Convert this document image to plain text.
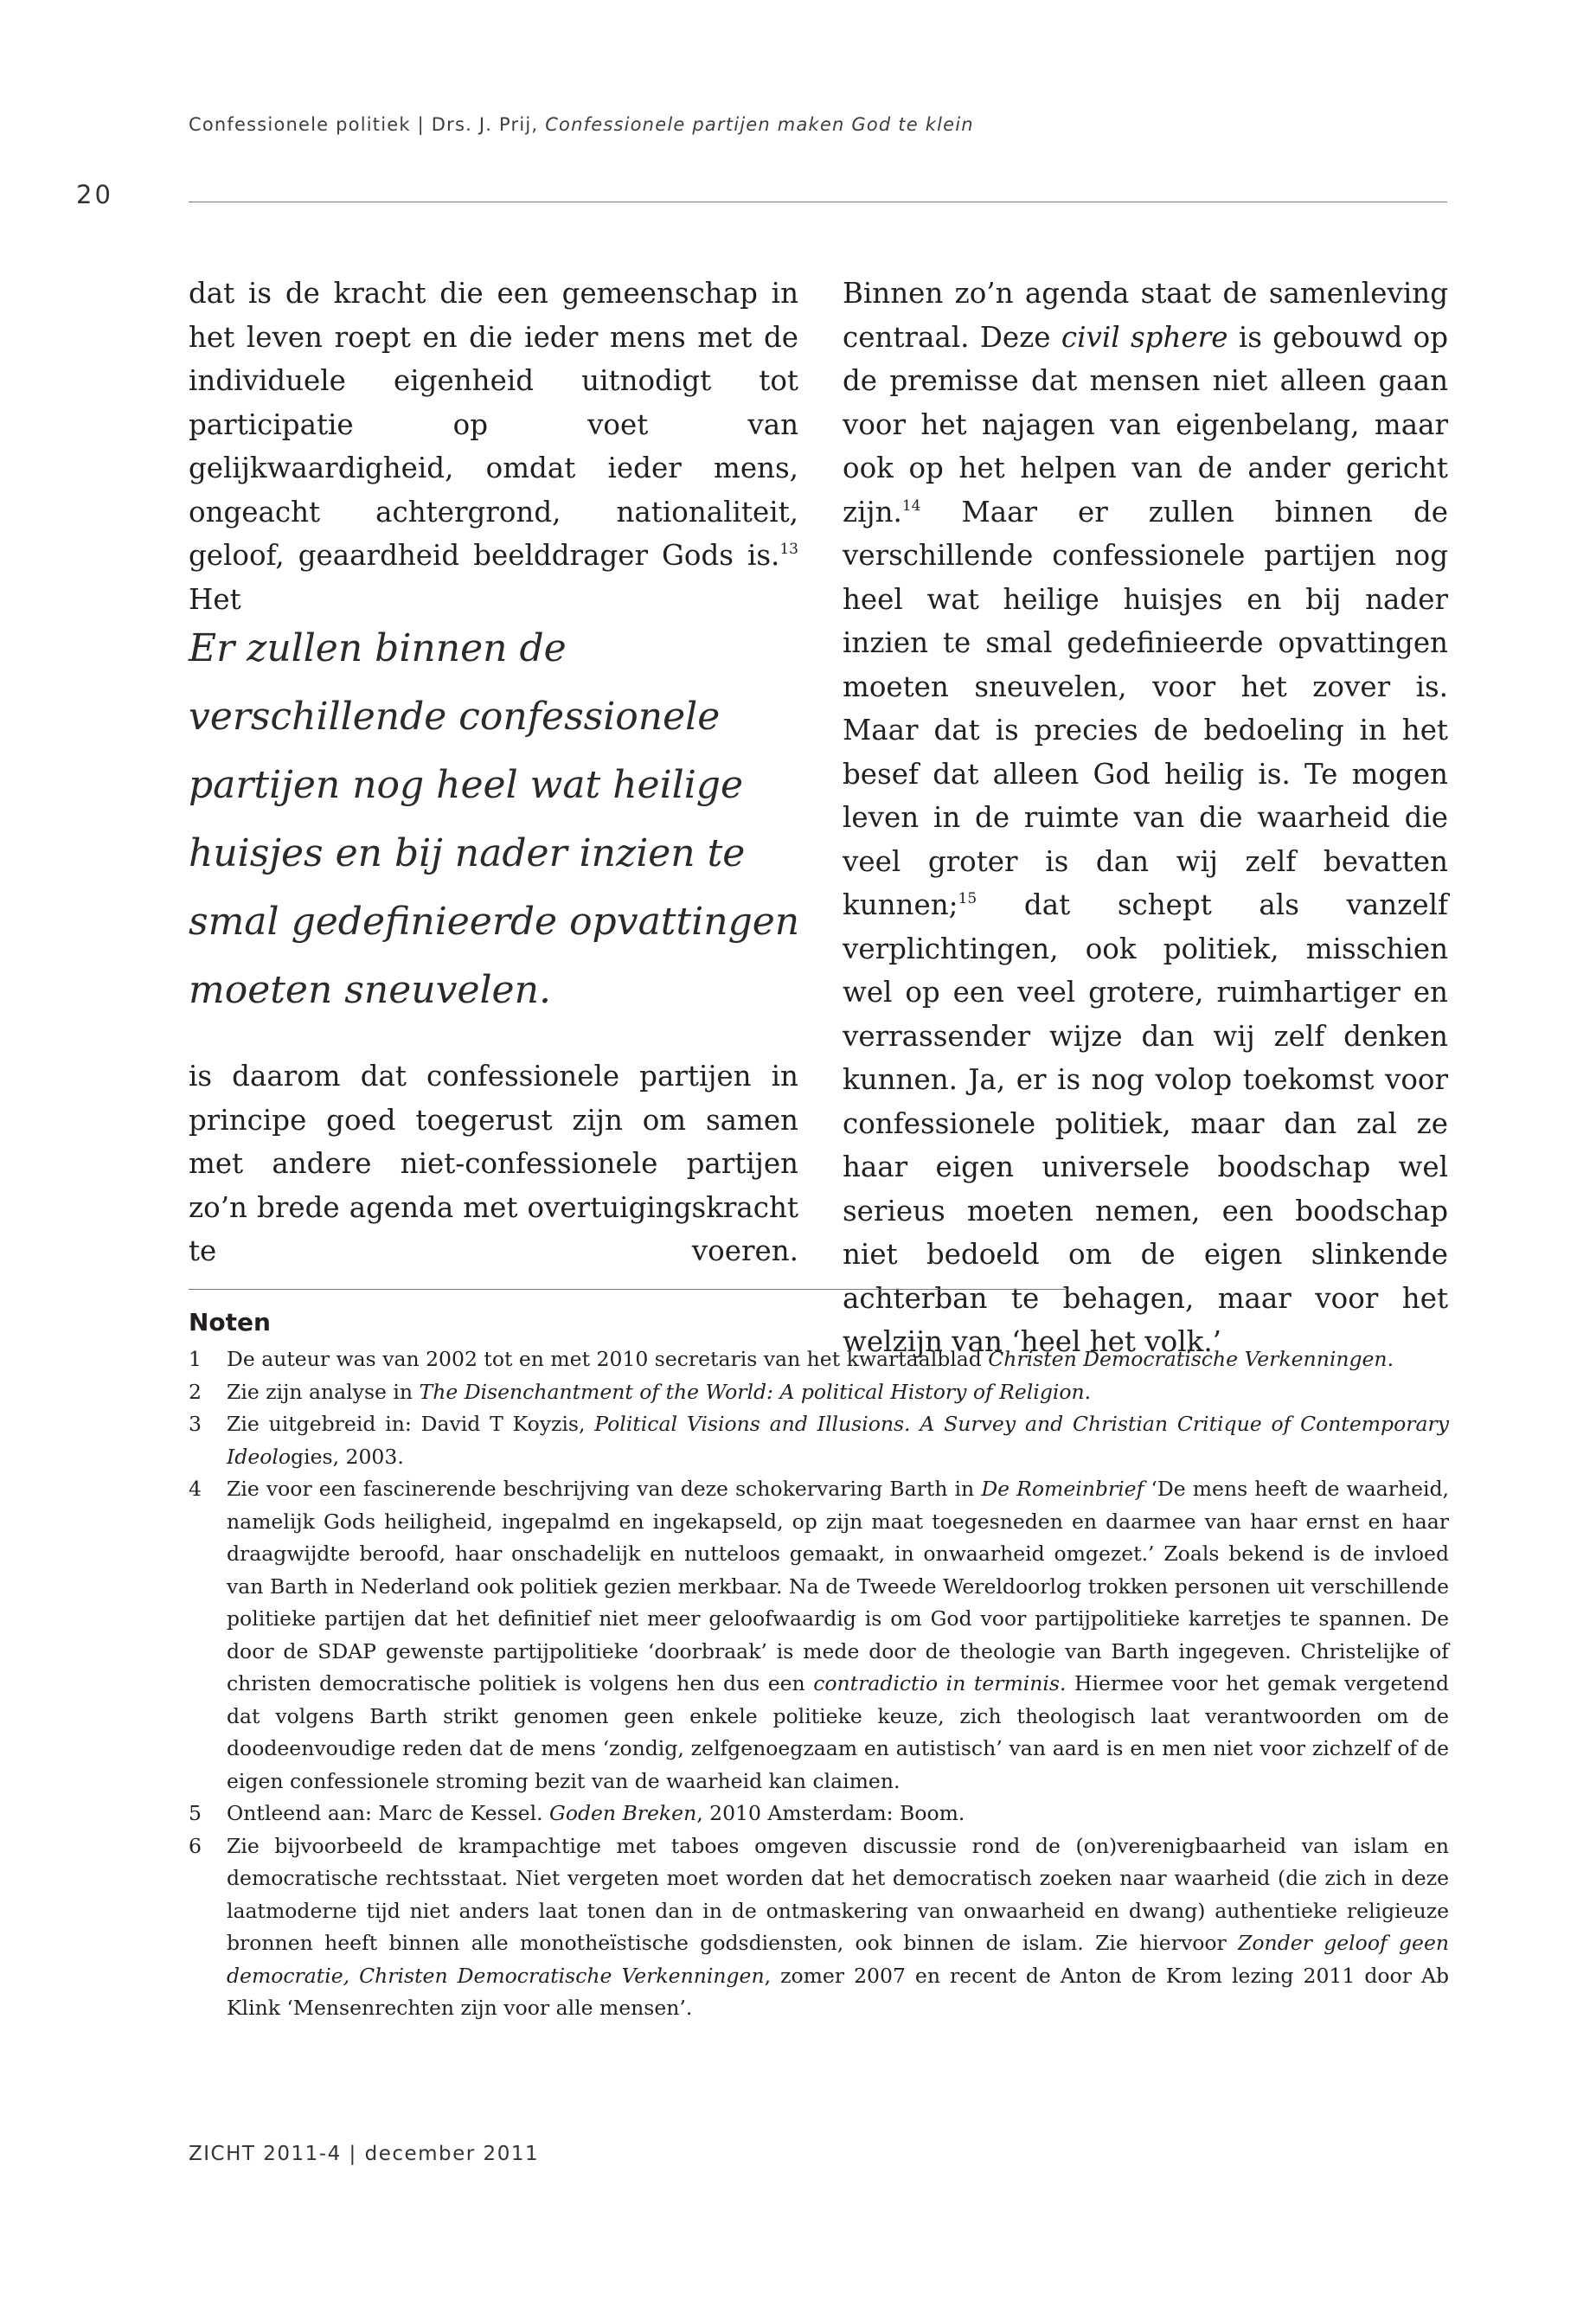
Confessionele politiek | Drs. J. Prij, Confessionele partijen maken God te klein

20

dat is de kracht die een gemeenschap in het leven roept en die ieder mens met de individuele eigenheid uitnodigt tot participatie op voet van gelijkwaardigheid, omdat ieder mens, ongeacht achtergrond, nationaliteit, geloof, geaardheid beelddrager Gods is.$^{13}$ Het

Er zullen binnen de verschillende confessionele partijen nog heel wat heilige huisjes en bij nader inzien te smal gedefinieerde opvattingen moeten sneuvelen.

is daarom dat confessionele partijen in principe goed toegerust zijn om samen met andere niet-confessionele partijen zo’n brede agenda met overtuigingskracht te voeren.

Binnen zo’n agenda staat de samenleving centraal. Deze civil sphere is gebouwd op de premisse dat mensen niet alleen gaan voor het najagen van eigenbelang, maar ook op het helpen van de ander gericht zijn.$^{14}$ Maar er zullen binnen de verschillende confessionele partijen nog heel wat heilige huisjes en bij nader inzien te smal gedefinieerde opvattingen moeten sneuvelen, voor het zover is. Maar dat is precies de bedoeling in het besef dat alleen God heilig is. Te mogen leven in de ruimte van die waarheid die veel groter is dan wij zelf bevatten kunnen;$^{15}$ dat schept als vanzelf verplichtingen, ook politiek, misschien wel op een veel grotere, ruimhartiger en verrassender wijze dan wij zelf denken kunnen. Ja, er is nog volop toekomst voor confessionele politiek, maar dan zal ze haar eigen universele boodschap wel serieus moeten nemen, een boodschap niet bedoeld om de eigen slinkende achterban te behagen, maar voor het welzijn van ‘heel het volk.’

Noten
1 De auteur was van 2002 tot en met 2010 secretaris van het kwartaalblad Christen Democratische Verkenningen.
2 Zie zijn analyse in The Disenchantment of the World: A political History of Religion.
3 Zie uitgebreid in: David T Koyzis, Political Visions and Illusions. A Survey and Christian Critique of Contemporary Ideologies, 2003.
4 Zie voor een fascinerende beschrijving van deze schokervaring Barth in De Romeinbrief ‘De mens heeft de waarheid, namelijk Gods heiligheid, ingepalmd en ingekapseld, op zijn maat toegesneden en daarmee van haar ernst en haar draagwijdte beroofd, haar onschadelijk en nutteloos gemaakt, in onwaarheid omgezet.’ Zoals bekend is de invloed van Barth in Nederland ook politiek gezien merkbaar. Na de Tweede Wereldoorlog trokken personen uit verschillende politieke partijen dat het definitief niet meer geloofwaardig is om God voor partijpolitieke karretjes te spannen. De door de SDAP gewenste partijpolitieke ‘doorbraak’ is mede door de theologie van Barth ingegeven. Christelijke of christen democratische politiek is volgens hen dus een contradictio in terminis. Hiermee voor het gemak vergetend dat volgens Barth strikt genomen geen enkele politieke keuze, zich theologisch laat verantwoorden om de doodeenvoudige reden dat de mens ‘zondig, zelfgenoegzaam en autistisch’ van aard is en men niet voor zichzelf of de eigen confessionele stroming bezit van de waarheid kan claimen.
5 Ontleend aan: Marc de Kessel. Goden Breken, 2010 Amsterdam: Boom.
6 Zie bijvoorbeeld de krampachtige met taboes omgeven discussie rond de (on)verenigbaarheid van islam en democratische rechtsstaat. Niet vergeten moet worden dat het democratisch zoeken naar waarheid (die zich in deze laatmoderne tijd niet anders laat tonen dan in de ontmaskering van onwaarheid en dwang) authentieke religieuze bronnen heeft binnen alle monotheïstische godsdiensten, ook binnen de islam. Zie hiervoor Zonder geloof geen democratie, Christen Democratische Verkenningen, zomer 2007 en recent de Anton de Krom lezing 2011 door Ab Klink ‘Mensenrechten zijn voor alle mensen’.

ZICHT 2011-4 | december 2011
